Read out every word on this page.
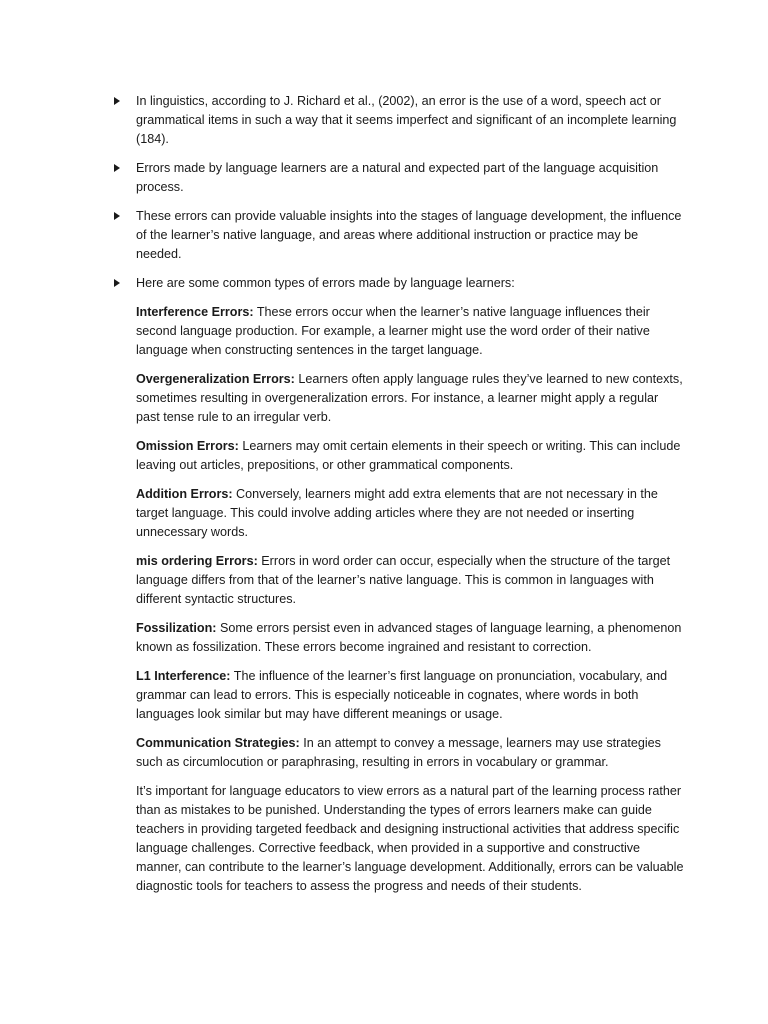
In linguistics, according to J. Richard et al., (2002), an error is the use of a word, speech act or grammatical items in such a way that it seems imperfect and significant of an incomplete learning (184).
Errors made by language learners are a natural and expected part of the language acquisition process.
These errors can provide valuable insights into the stages of language development, the influence of the learner’s native language, and areas where additional instruction or practice may be needed.
Here are some common types of errors made by language learners:

Interference Errors: These errors occur when the learner’s native language influences their second language production. For example, a learner might use the word order of their native language when constructing sentences in the target language.

Overgeneralization Errors: Learners often apply language rules they’ve learned to new contexts, sometimes resulting in overgeneralization errors. For instance, a learner might apply a regular past tense rule to an irregular verb.

Omission Errors: Learners may omit certain elements in their speech or writing. This can include leaving out articles, prepositions, or other grammatical components.

Addition Errors: Conversely, learners might add extra elements that are not necessary in the target language. This could involve adding articles where they are not needed or inserting unnecessary words.

mis ordering Errors: Errors in word order can occur, especially when the structure of the target language differs from that of the learner’s native language. This is common in languages with different syntactic structures.

Fossilization: Some errors persist even in advanced stages of language learning, a phenomenon known as fossilization. These errors become ingrained and resistant to correction.

L1 Interference: The influence of the learner’s first language on pronunciation, vocabulary, and grammar can lead to errors. This is especially noticeable in cognates, where words in both languages look similar but may have different meanings or usage.

Communication Strategies: In an attempt to convey a message, learners may use strategies such as circumlocution or paraphrasing, resulting in errors in vocabulary or grammar.

It’s important for language educators to view errors as a natural part of the learning process rather than as mistakes to be punished. Understanding the types of errors learners make can guide teachers in providing targeted feedback and designing instructional activities that address specific language challenges. Corrective feedback, when provided in a supportive and constructive manner, can contribute to the learner’s language development. Additionally, errors can be valuable diagnostic tools for teachers to assess the progress and needs of their students.
